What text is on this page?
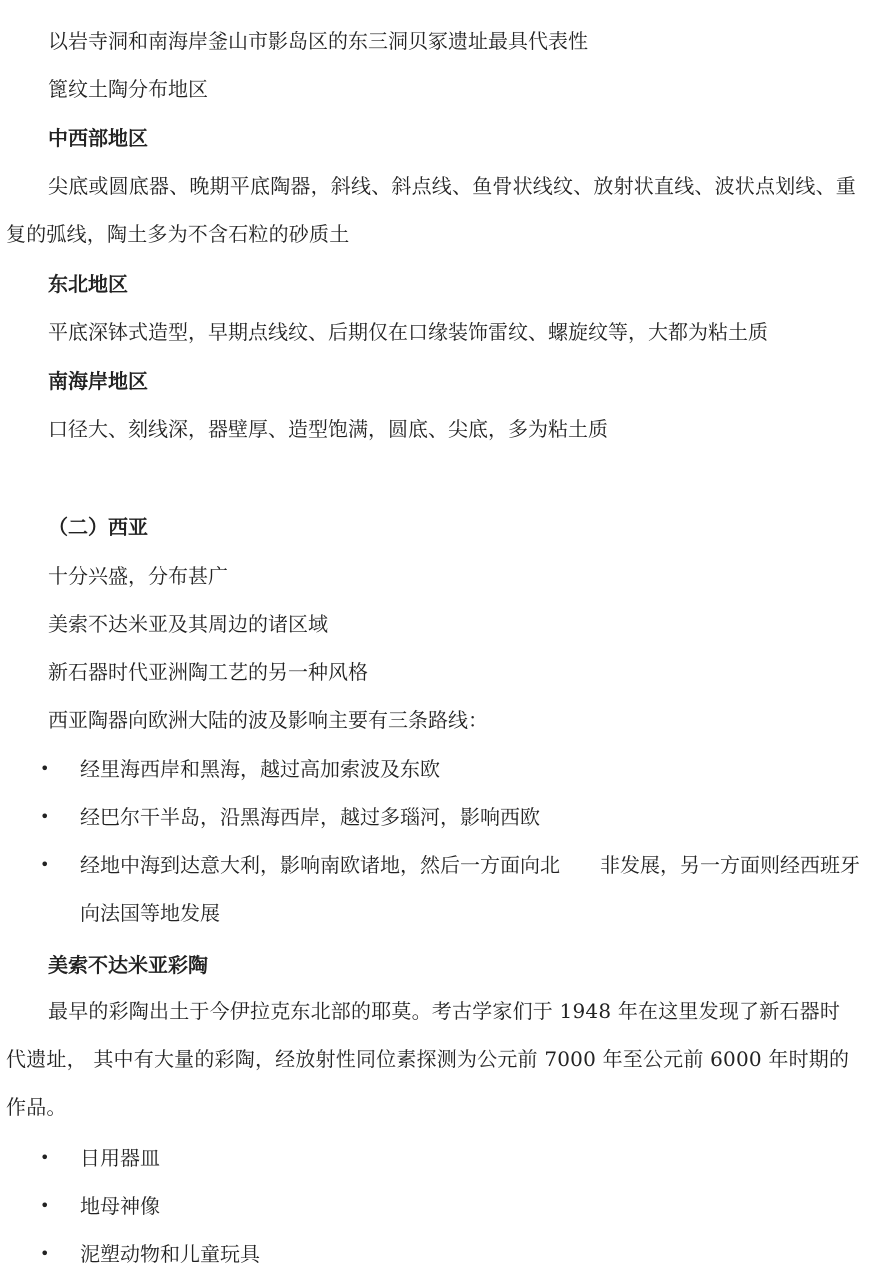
以岩寺洞和南海岸釜山市影岛区的东三洞贝冢遗址最具代表性
篦纹土陶分布地区
中西部地区
尖底或圆底器、晚期平底陶器，斜线、斜点线、鱼骨状线纹、放射状直线、波状点划线、重复的弧线，陶土多为不含石粒的砂质土
东北地区
平底深钵式造型，早期点线纹、后期仅在口缘装饰雷纹、螺旋纹等，大都为粘土质
南海岸地区
口径大、刻线深，器壁厚、造型饱满，圆底、尖底，多为粘土质
（二）西亚
十分兴盛，分布甚广
美索不达米亚及其周边的诸区域
新石器时代亚洲陶工艺的另一种风格
西亚陶器向欧洲大陆的波及影响主要有三条路线：
•	经里海西岸和黑海，越过高加索波及东欧
•	经巴尔干半岛，沿黑海西岸，越过多瑙河，影响西欧
•	经地中海到达意大利，影响南欧诸地，然后一方面向北　　非发展，另一方面则经西班牙向法国等地发展
美索不达米亚彩陶
最早的彩陶出土于今伊拉克东北部的耶莫。考古学家们于 1948 年在这里发现了新石器时代遗址， 其中有大量的彩陶，经放射性同位素探测为公元前 7000 年至公元前 6000 年时期的作品。
•	日用器皿
•	地母神像
•	泥塑动物和儿童玩具
